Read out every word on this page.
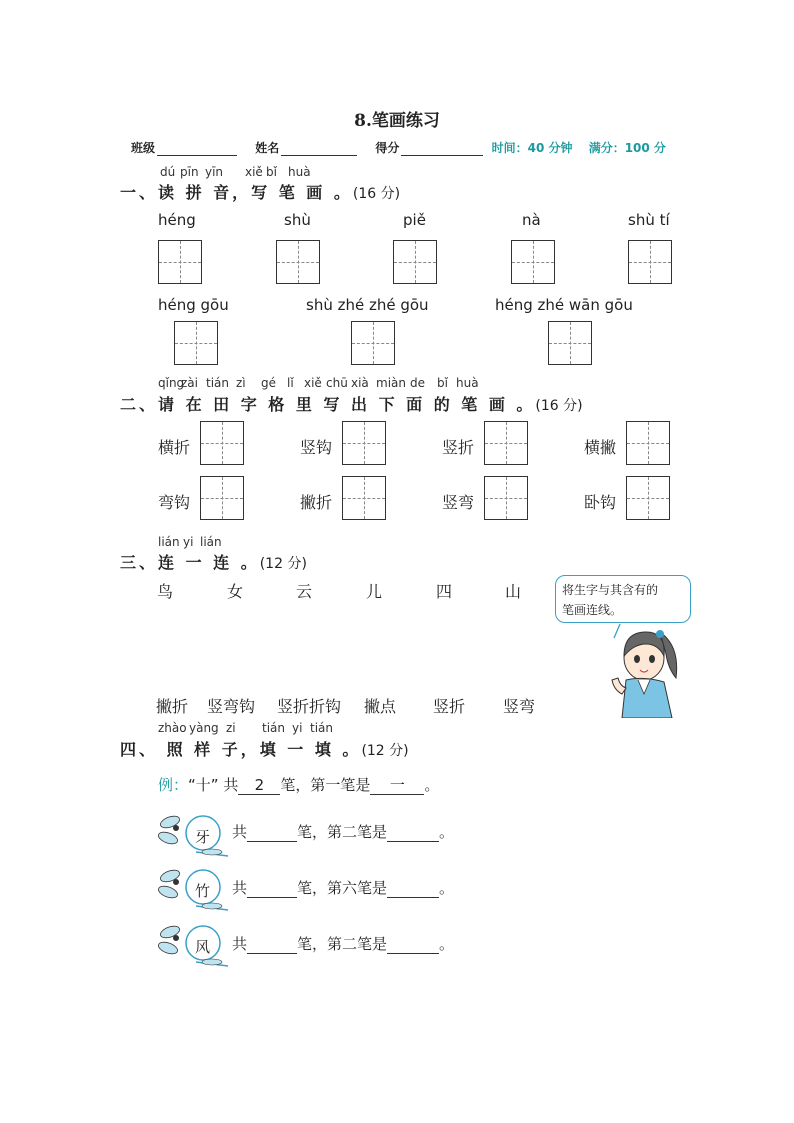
8.笔画练习
班级	姓名	得分	时间：40 分钟 满分：100 分
dú pīn yīn xiě bǐ huà
一、读 拼 音，写 笔 画 。(16 分)
héng	shù	piě	nà	shù tí
héng gōu	shù zhé zhé gōu	héng zhé wān gōu
qǐng
zài tián zì gé lǐ xiě chū xià miàn de bǐ huà
二、请 在 田 字 格 里 写 出 下 面 的 笔 画 。(16 分)
横折	竖钩	竖折	横撇
弯钩	撇折	竖弯	卧钩
lián yi lián
三、连 一 连 。(12 分)
鸟	女	云	儿	四	山	将生字与其含有的
笔画连线。
撇折 竖弯钩 竖折折钩 撇点 竖折 竖弯
zhào yàng zi tián yi tián
四、 照 样 子，填 一 填 。(12 分)
例：“十” 共 2 笔，第一笔是 一 。
牙 共	笔，第二笔是	。
竹 共	笔，第六笔是	。
风 共	笔，第二笔是	。
